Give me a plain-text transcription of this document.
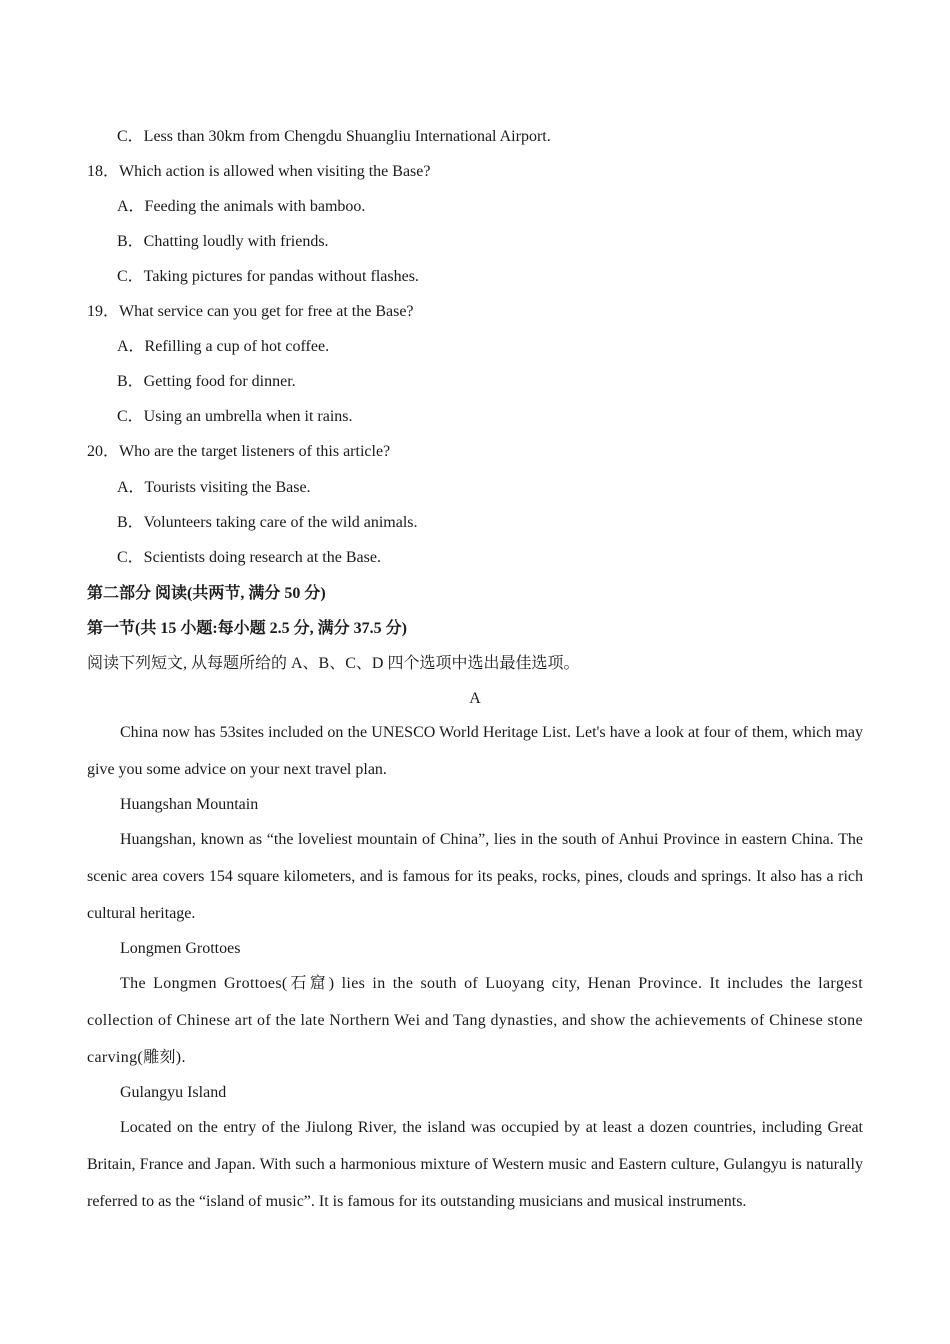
C．Less than 30km from Chengdu Shuangliu International Airport.
18．Which action is allowed when visiting the Base?
A．Feeding the animals with bamboo.
B．Chatting loudly with friends.
C．Taking pictures for pandas without flashes.
19．What service can you get for free at the Base?
A．Refilling a cup of hot coffee.
B．Getting food for dinner.
C．Using an umbrella when it rains.
20．Who are the target listeners of this article?
A．Tourists visiting the Base.
B．Volunteers taking care of the wild animals.
C．Scientists doing research at the Base.
第二部分 阅读(共两节, 满分 50 分)
第一节(共 15 小题:每小题 2.5 分, 满分 37.5 分)
阅读下列短文, 从每题所给的 A、B、C、D 四个选项中选出最佳选项。
A
China now has 53sites included on the UNESCO World Heritage List. Let's have a look at four of them, which may give you some advice on your next travel plan.
Huangshan Mountain
Huangshan, known as “the loveliest mountain of China”, lies in the south of Anhui Province in eastern China. The scenic area covers 154 square kilometers, and is famous for its peaks, rocks, pines, clouds and springs. It also has a rich cultural heritage.
Longmen Grottoes
The Longmen Grottoes(石窟) lies in the south of Luoyang city, Henan Province. It includes the largest collection of Chinese art of the late Northern Wei and Tang dynasties, and show the achievements of Chinese stone carving(雕刻).
Gulangyu Island
Located on the entry of the Jiulong River, the island was occupied by at least a dozen countries, including Great Britain, France and Japan. With such a harmonious mixture of Western music and Eastern culture, Gulangyu is naturally referred to as the “island of music”. It is famous for its outstanding musicians and musical instruments.
